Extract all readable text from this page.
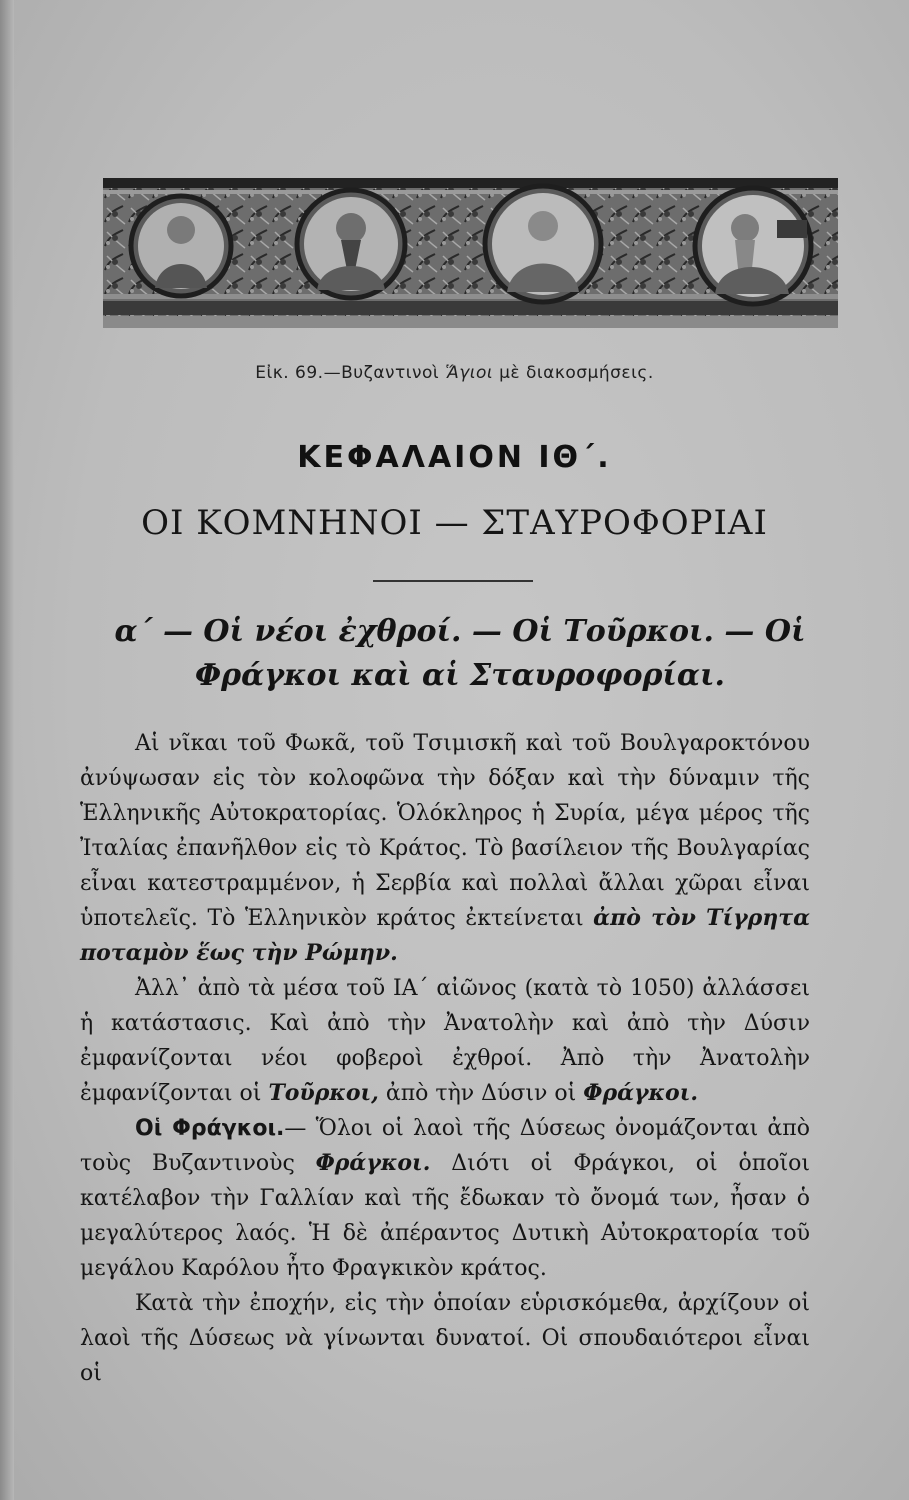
Εἰκ. 69.—Βυζαντινοὶ Ἅγιοι μὲ διακοσμήσεις.
ΚΕΦΑΛΑΙΟΝ ΙΘ΄.
ΟΙ ΚΟΜΝΗΝΟΙ — ΣΤΑΥΡΟΦΟΡΙΑΙ
α΄ — Οἱ νέοι ἐχθροί. — Οἱ Τοῦρκοι. — Οἱ Φράγκοι καὶ αἱ Σταυροφορίαι.

Αἱ νῖκαι τοῦ Φωκᾶ, τοῦ Τσιμισκῆ καὶ τοῦ Βουλγαροκτόνου ἀνύψωσαν εἰς τὸν κολοφῶνα τὴν δόξαν καὶ τὴν δύναμιν τῆς Ἑλληνικῆς Αὐτοκρατορίας. Ὁλόκληρος ἡ Συρία, μέγα μέρος τῆς Ἰταλίας ἐπανῆλθον εἰς τὸ Κράτος. Τὸ βασίλειον τῆς Βουλγαρίας εἶναι κατεστραμμένον, ἡ Σερβία καὶ πολλαὶ ἄλλαι χῶραι εἶναι ὑποτελεῖς. Τὸ Ἑλληνικὸν κράτος ἐκτείνεται ἀπὸ τὸν Τίγρητα ποταμὸν ἕως τὴν Ρώμην.

Ἀλλ᾿ ἀπὸ τὰ μέσα τοῦ ΙΑ΄ αἰῶνος (κατὰ τὸ 1050) ἀλλάσσει ἡ κατάστασις. Καὶ ἀπὸ τὴν Ἀνατολὴν καὶ ἀπὸ τὴν Δύσιν ἐμφανίζονται νέοι φοβεροὶ ἐχθροί. Ἀπὸ τὴν Ἀνατολὴν ἐμφανίζονται οἱ Τοῦρκοι, ἀπὸ τὴν Δύσιν οἱ Φράγκοι.

Οἱ Φράγκοι.— Ὅλοι οἱ λαοὶ τῆς Δύσεως ὀνομάζονται ἀπὸ τοὺς Βυζαντινοὺς Φράγκοι. Διότι οἱ Φράγκοι, οἱ ὁποῖοι κατέλαβον τὴν Γαλλίαν καὶ τῆς ἔδωκαν τὸ ὄνομά των, ἦσαν ὁ μεγαλύτερος λαός. Ἡ δὲ ἀπέραντος Δυτικὴ Αὐτοκρατορία τοῦ μεγάλου Καρόλου ἦτο Φραγκικὸν κράτος.

Κατὰ τὴν ἐποχήν, εἰς τὴν ὁποίαν εὑρισκόμεθα, ἀρχίζουν οἱ λαοὶ τῆς Δύσεως νὰ γίνωνται δυνατοί. Οἱ σπουδαιότεροι εἶναι οἱ
